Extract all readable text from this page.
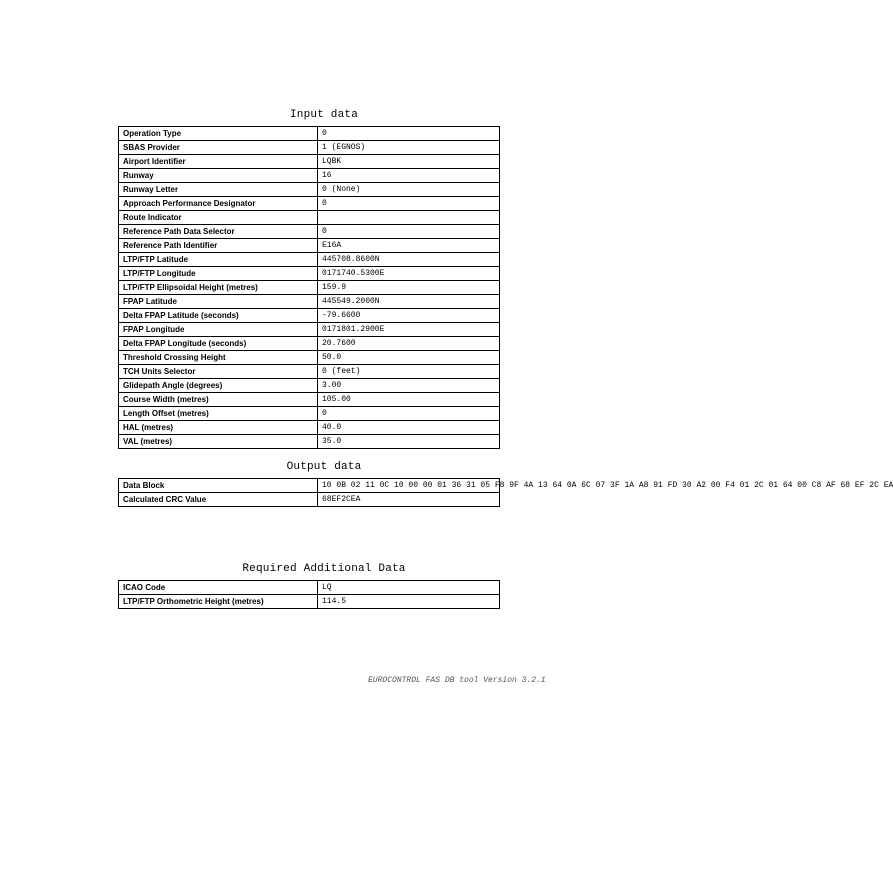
Input data
Operation Type	0
SBAS Provider	1 (EGNOS)
Airport Identifier	LQBK
Runway	16
Runway Letter	0 (None)
Approach Performance Designator	0
Route Indicator	
Reference Path Data Selector	0
Reference Path Identifier	E16A
LTP/FTP Latitude	445708.8600N
LTP/FTP Longitude	0171740.5300E
LTP/FTP Ellipsoidal Height (metres)	159.9
FPAP Latitude	445549.2000N
Delta FPAP Latitude (seconds)	-79.6600
FPAP Longitude	0171801.2900E
Delta FPAP Longitude (seconds)	20.7600
Threshold Crossing Height	50.0
TCH Units Selector	0 (feet)
Glidepath Angle (degrees)	3.00
Course Width (metres)	105.00
Length Offset (metres)	0
HAL (metres)	40.0
VAL (metres)	35.0
Output data
Data Block	10 0B 02 11 0C 10 00 00 01 36 31 05 F8 9F 4A 13 64 0A 6C 07 3F 1A A8 91 FD 30 A2 00 F4 01 2C 01 64 00 C8 AF 68 EF 2C EA
Calculated CRC Value	68EF2CEA
Required Additional Data
ICAO Code	LQ
LTP/FTP Orthometric Height (metres)	114.5
EUROCONTROL FAS DB tool Version 3.2.1
